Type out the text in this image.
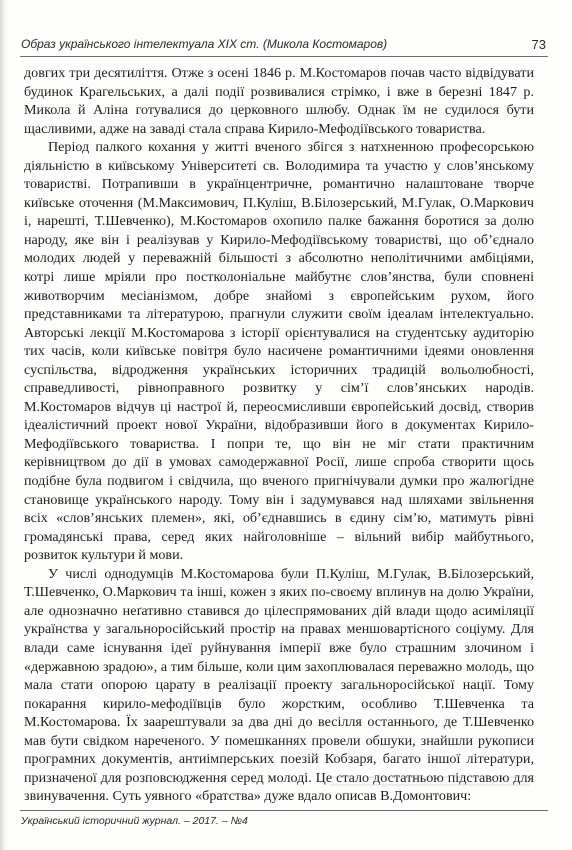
Образ українського інтелектуала XIX ст. (Микола Костомаров)	73

довгих три десятиліття. Отже з осені 1846 р. М.Костомаров почав часто відвідувати будинок Крагельських, а далі події розвивалися стрімко, і вже в березні 1847 р. Микола й Аліна готувалися до церковного шлюбу. Однак їм не судилося бути щасливими, адже на заваді стала справа Кирило-Мефодіївського товариства.

Період палкого кохання у житті вченого збігся з натхненною професорською діяльністю в київському Університеті св. Володимира та участю у слов’янському товаристві. Потрапивши в українцентричне, романтично налаштоване творче київське оточення (М.Максимович, П.Куліш, В.Білозерський, М.Гулак, О.Маркович і, нарешті, Т.Шевченко), М.Костомаров охопило палке бажання боротися за долю народу, яке він і реалізував у Кирило-Мефодіївському товаристві, що об’єднало молодих людей у переважній більшості з абсолютно неполітичними амбіціями, котрі лише мріяли про постколоніальне майбутнє слов’янства, були сповнені животворчим месіанізмом, добре знайомі з європейським рухом, його представниками та літературою, прагнули служити своїм ідеалам інтелектуально. Авторські лекції М.Костомарова з історії орієнтувалися на студентську аудиторію тих часів, коли київське повітря було насичене романтичними ідеями оновлення суспільства, відродження українських історичних традицій вольолюбності, справедливості, рівноправного розвитку у сім’ї слов’янських народів. М.Костомаров відчув ці настрої й, переосмисливши європейський досвід, створив ідеалістичний проект нової України, відобразивши його в документах Кирило-Мефодіївського товариства. І попри те, що він не міг стати практичним керівництвом до дії в умовах самодержавної Росії, лише спроба створити щось подібне була подвигом і свідчила, що вченого пригнічували думки про жалюгідне становище українського народу. Тому він і задумувався над шляхами звільнення всіх «слов’янських племен», які, об’єднавшись в єдину сім’ю, матимуть рівні громадянські права, серед яких найголовніше – вільний вибір майбутнього, розвиток культури й мови.

У числі однодумців М.Костомарова були П.Куліш, М.Гулак, В.Білозерський, Т.Шевченко, О.Маркович та інші, кожен з яких по-своєму вплинув на долю України, але однозначно неґативно ставився до цілеспрямованих дій влади щодо асиміляції українства у загальноросійський простір на правах меншовартісного соціуму. Для влади саме існування ідеї руйнування імперії вже було страшним злочином і «державною зрадою», а тим більше, коли цим захоплювалася переважно молодь, що мала стати опорою царату в реалізації проекту загальноросійської нації. Тому покарання кирило-мефодіївців було жорстким, особливо Т.Шевченка та М.Костомарова. Їх заарештували за два дні до весілля останнього, де Т.Шевченко мав бути свідком нареченого. У помешканнях провели обшуки, знайшли рукописи програмних документів, антиімперських поезій Кобзаря, багато іншої літератури, призначеної для розповсюдження серед молоді. Це стало достатньою підставою для звинувачення. Суть уявного «братства» дуже вдало описав В.Домонтович:

Український історичний журнал. – 2017. – №4
